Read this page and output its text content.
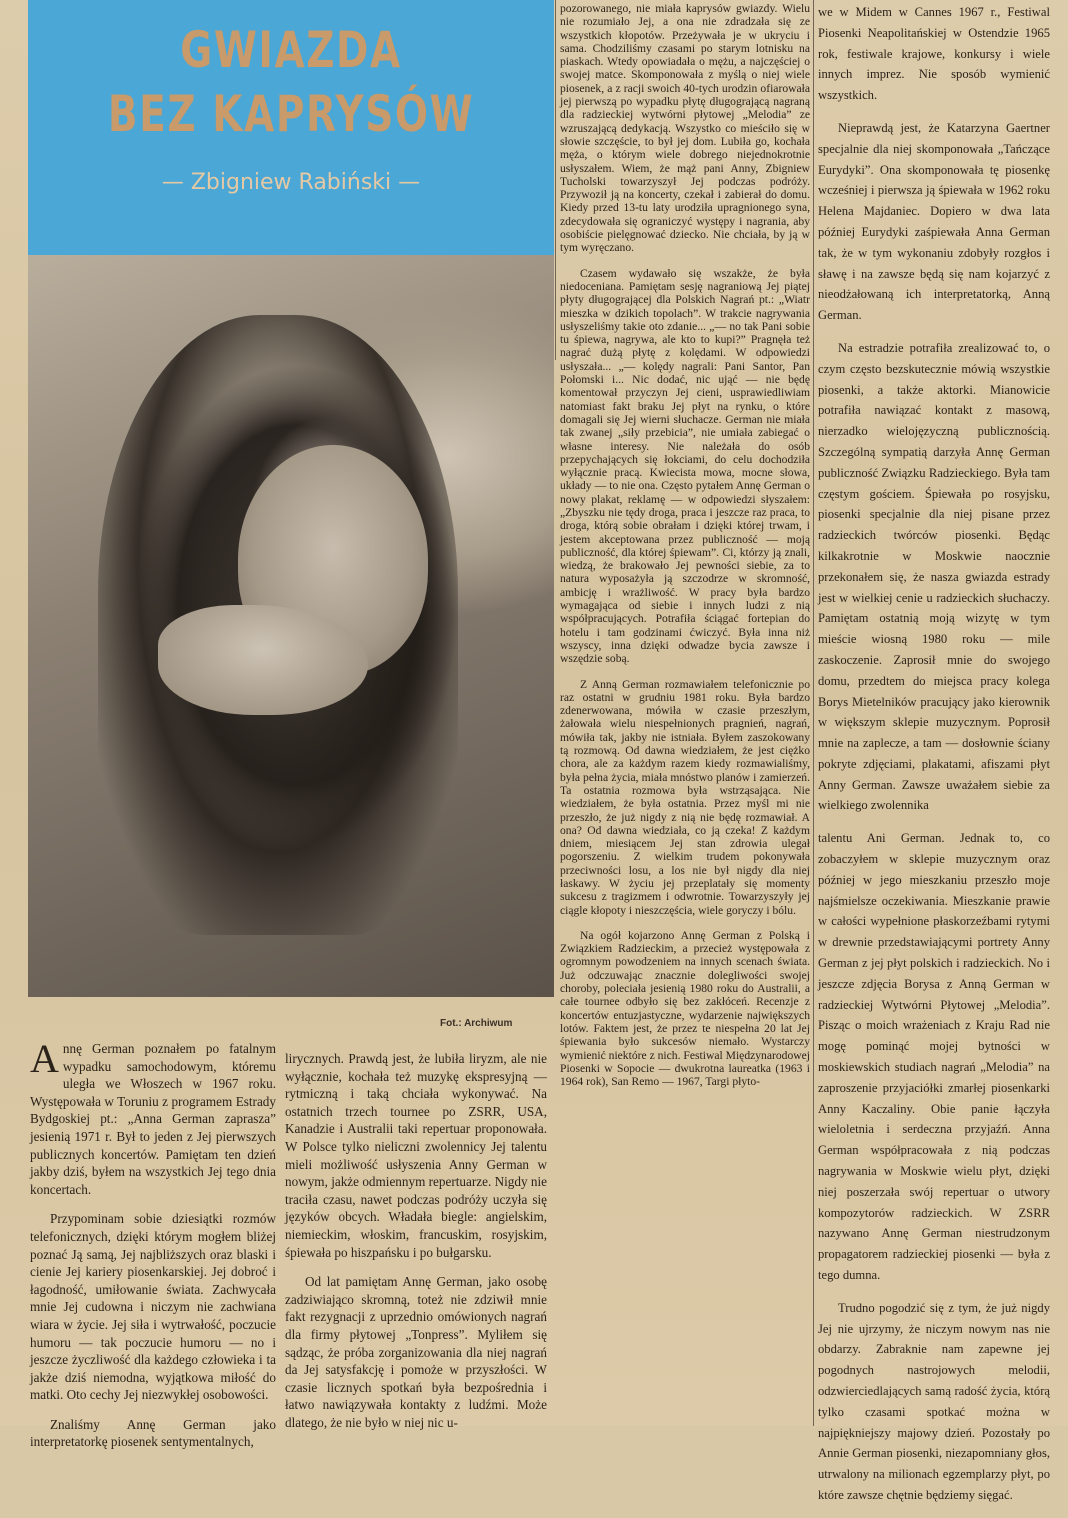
GWIAZDA
BEZ KAPRYSÓW
— Zbigniew Rabiński —
Fot.: Archiwum

Annę German poznałem po fatalnym wypadku samochodowym, któremu uległa we Włoszech w 1967 roku. Występowała w Toruniu z programem Estrady Bydgoskiej pt.: „Anna German zaprasza” jesienią 1971 r. Był to jeden z Jej pierwszych publicznych koncertów. Pamiętam ten dzień jakby dziś, byłem na wszystkich Jej tego dnia koncertach.

Przypominam sobie dziesiątki rozmów telefonicznych, dzięki którym mogłem bliżej poznać Ją samą, Jej najbliższych oraz blaski i cienie Jej kariery piosenkarskiej. Jej dobroć i łagodność, umiłowanie świata. Zachwycała mnie Jej cudowna i niczym nie zachwiana wiara w życie. Jej siła i wytrwałość, poczucie humoru — tak poczucie humoru — no i jeszcze życzliwość dla każdego człowieka i ta jakże dziś niemodna, wyjątkowa miłość do matki. Oto cechy Jej niezwykłej osobowości.

Znaliśmy Annę German jako interpretatorkę piosenek sentymentalnych,

lirycznych. Prawdą jest, że lubiła liryzm, ale nie wyłącznie, kochała też muzykę ekspresyjną — rytmiczną i taką chciała wykonywać. Na ostatnich trzech tournee po ZSRR, USA, Kanadzie i Australii taki repertuar proponowała. W Polsce tylko nieliczni zwolennicy Jej talentu mieli możliwość usłyszenia Anny German w nowym, jakże odmiennym repertuarze. Nigdy nie traciła czasu, nawet podczas podróży uczyła się języków obcych. Władała biegle: angielskim, niemieckim, włoskim, francuskim, rosyjskim, śpiewała po hiszpańsku i po bułgarsku.

Od lat pamiętam Annę German, jako osobę zadziwiająco skromną, toteż nie zdziwił mnie fakt rezygnacji z uprzednio omówionych nagrań dla firmy płytowej „Tonpress”. Myliłem się sądząc, że próba zorganizowania dla niej nagrań da Jej satysfakcję i pomoże w przyszłości. W czasie licznych spotkań była bezpośrednia i łatwo nawiązywała kontakty z ludźmi. Może dlatego, że nie było w niej nic u-

pozorowanego, nie miała kaprysów gwiazdy. Wielu nie rozumiało Jej, a ona nie zdradzała się ze wszystkich kłopotów. Przeżywała je w ukryciu i sama. Chodziliśmy czasami po starym lotnisku na piaskach. Wtedy opowiadała o mężu, a najczęściej o swojej matce. Skomponowała z myślą o niej wiele piosenek, a z racji swoich 40-tych urodzin ofiarowała jej pierwszą po wypadku płytę długogrającą nagraną dla radzieckiej wytwórni płytowej „Melodia” ze wzruszającą dedykacją. Wszystko co mieściło się w słowie szczęście, to był jej dom. Lubiła go, kochała męża, o którym wiele dobrego niejednokrotnie usłyszałem. Wiem, że mąż pani Anny, Zbigniew Tucholski towarzyszył Jej podczas podróży. Przywoził ją na koncerty, czekał i zabierał do domu. Kiedy przed 13-tu laty urodziła upragnionego syna, zdecydowała się ograniczyć występy i nagrania, aby osobiście pielęgnować dziecko. Nie chciała, by ją w tym wyręczano.

Czasem wydawało się wszakże, że była niedoceniana. Pamiętam sesję nagraniową Jej piątej płyty długogrającej dla Polskich Nagrań pt.: „Wiatr mieszka w dzikich topolach”. W trakcie nagrywania usłyszeliśmy takie oto zdanie... „— no tak Pani sobie tu śpiewa, nagrywa, ale kto to kupi?” Pragnęła też nagrać dużą płytę z kolędami. W odpowiedzi usłyszała... „— kolędy nagrali: Pani Santor, Pan Połomski i... Nic dodać, nic ująć — nie będę komentował przyczyn Jej cieni, usprawiedliwiam natomiast fakt braku Jej płyt na rynku, o które domagali się Jej wierni słuchacze. German nie miała tak zwanej „siły przebicia”, nie umiała zabiegać o własne interesy. Nie należała do osób przepychających się łokciami, do celu dochodziła wyłącznie pracą. Kwiecista mowa, mocne słowa, układy — to nie ona. Często pytałem Annę German o nowy plakat, reklamę — w odpowiedzi słyszałem: „Zbyszku nie tędy droga, praca i jeszcze raz praca, to droga, którą sobie obrałam i dzięki której trwam, i jestem akceptowana przez publiczność — moją publiczność, dla której śpiewam”. Ci, którzy ją znali, wiedzą, że brakowało Jej pewności siebie, za to natura wyposażyła ją szczodrze w skromność, ambicję i wrażliwość. W pracy była bardzo wymagająca od siebie i innych ludzi z nią współpracujących. Potrafiła ściągać fortepian do hotelu i tam godzinami ćwiczyć. Była inna niż wszyscy, inna dzięki odwadze bycia zawsze i wszędzie sobą.

Z Anną German rozmawiałem telefonicznie po raz ostatni w grudniu 1981 roku. Była bardzo zdenerwowana, mówiła w czasie przeszłym, żałowała wielu niespełnionych pragnień, nagrań, mówiła tak, jakby nie istniała. Byłem zaszokowany tą rozmową. Od dawna wiedziałem, że jest ciężko chora, ale za każdym razem kiedy rozmawialiśmy, była pełna życia, miała mnóstwo planów i zamierzeń. Ta ostatnia rozmowa była wstrząsająca. Nie wiedziałem, że była ostatnia. Przez myśl mi nie przeszło, że już nigdy z nią nie będę rozmawiał. A ona? Od dawna wiedziała, co ją czeka! Z każdym dniem, miesiącem Jej stan zdrowia ulegał pogorszeniu. Z wielkim trudem pokonywała przeciwności losu, a los nie był nigdy dla niej łaskawy. W życiu jej przeplatały się momenty sukcesu z tragizmem i odwrotnie. Towarzyszyły jej ciągle kłopoty i nieszczęścia, wiele goryczy i bólu.

Na ogół kojarzono Annę German z Polską i Związkiem Radzieckim, a przecież występowała z ogromnym powodzeniem na innych scenach świata. Już odczuwając znacznie dolegliwości swojej choroby, poleciała jesienią 1980 roku do Australii, a całe tournee odbyło się bez zakłóceń. Recenzje z koncertów entuzjastyczne, wydarzenie największych lotów. Faktem jest, że przez te niespełna 20 lat Jej śpiewania było sukcesów niemało. Wystarczy wymienić niektóre z nich. Festiwal Międzynarodowej Piosenki w Sopocie — dwukrotna laureatka (1963 i 1964 rok), San Remo — 1967, Targi płyto-

we w Midem w Cannes 1967 r., Festiwal Piosenki Neapolitańskiej w Ostendzie 1965 rok, festiwale krajowe, konkursy i wiele innych imprez. Nie sposób wymienić wszystkich.

Nieprawdą jest, że Katarzyna Gaertner specjalnie dla niej skomponowała „Tańczące Eurydyki”. Ona skomponowała tę piosenkę wcześniej i pierwsza ją śpiewała w 1962 roku Helena Majdaniec. Dopiero w dwa lata później Eurydyki zaśpiewała Anna German tak, że w tym wykonaniu zdobyły rozgłos i sławę i na zawsze będą się nam kojarzyć z nieodżałowaną ich interpretatorką, Anną German.

Na estradzie potrafiła zrealizować to, o czym często bezskutecznie mówią wszystkie piosenki, a także aktorki. Mianowicie potrafiła nawiązać kontakt z masową, nierzadko wielojęzyczną publicznością. Szczególną sympatią darzyła Annę German publiczność Związku Radzieckiego. Była tam częstym gościem. Śpiewała po rosyjsku, piosenki specjalnie dla niej pisane przez radzieckich twórców piosenki. Będąc kilkakrotnie w Moskwie naocznie przekonałem się, że nasza gwiazda estrady jest w wielkiej cenie u radzieckich słuchaczy. Pamiętam ostatnią moją wizytę w tym mieście wiosną 1980 roku — mile zaskoczenie. Zaprosił mnie do swojego domu, przedtem do miejsca pracy kolega Borys Mietelników pracujący jako kierownik w większym sklepie muzycznym. Poprosił mnie na zaplecze, a tam — dosłownie ściany pokryte zdjęciami, plakatami, afiszami płyt Anny German. Zawsze uważałem siebie za wielkiego zwolennika

talentu Ani German. Jednak to, co zobaczyłem w sklepie muzycznym oraz później w jego mieszkaniu przeszło moje najśmielsze oczekiwania. Mieszkanie prawie w całości wypełnione płaskorzeźbami rytymi w drewnie przedstawiającymi portrety Anny German z jej płyt polskich i radzieckich. No i jeszcze zdjęcia Borysa z Anną German w radzieckiej Wytwórni Płytowej „Melodia”. Pisząc o moich wrażeniach z Kraju Rad nie mogę pominąć mojej bytności w moskiewskich studiach nagrań „Melodia” na zaproszenie przyjaciółki zmarłej piosenkarki Anny Kaczaliny. Obie panie łączyła wieloletnia i serdeczna przyjaźń. Anna German współpracowała z nią podczas nagrywania w Moskwie wielu płyt, dzięki niej poszerzała swój repertuar o utwory kompozytorów radzieckich. W ZSRR nazywano Annę German niestrudzonym propagatorem radzieckiej piosenki — była z tego dumna.

Trudno pogodzić się z tym, że już nigdy Jej nie ujrzymy, że niczym nowym nas nie obdarzy. Zabraknie nam zapewne jej pogodnych nastrojowych melodii, odzwierciedlających samą radość życia, którą tylko czasami spotkać można w najpiękniejszy majowy dzień. Pozostały po Annie German piosenki, niezapomniany głos, utrwalony na milionach egzemplarzy płyt, po które zawsze chętnie będziemy sięgać.
